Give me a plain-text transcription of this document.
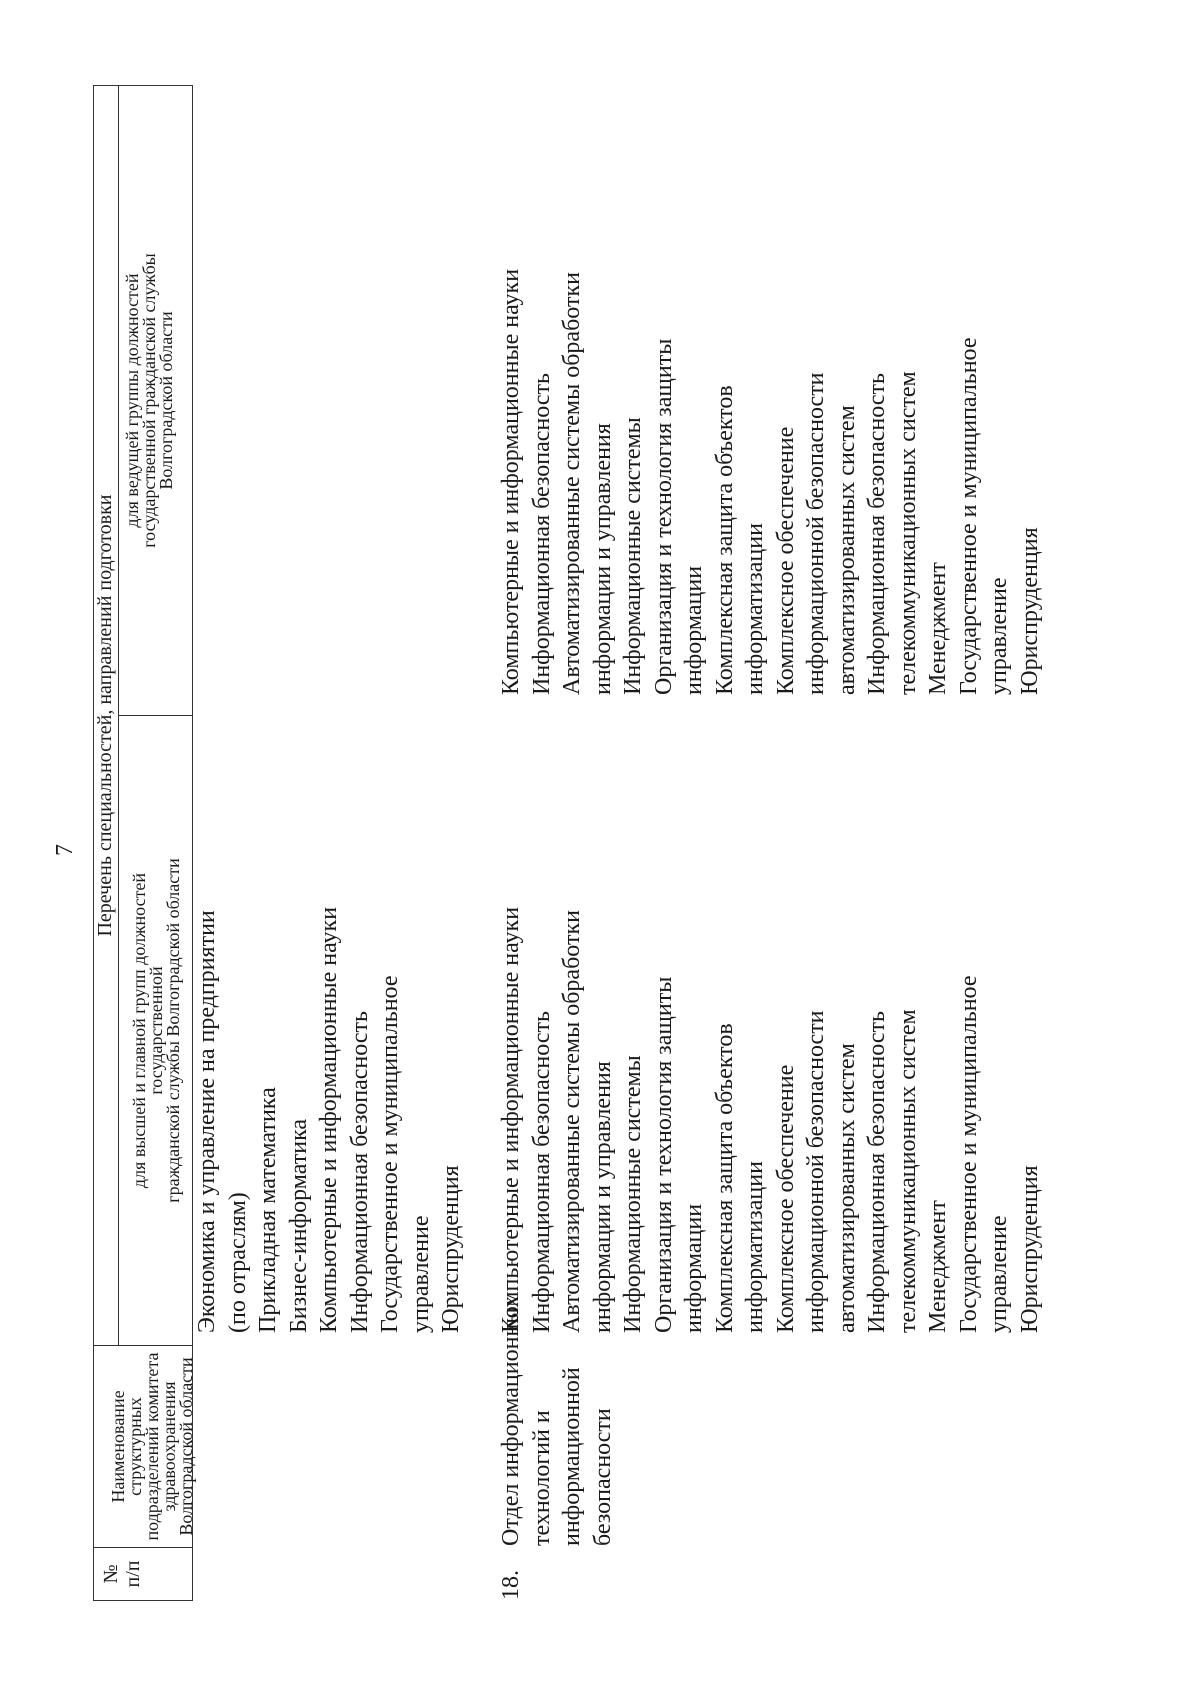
7
№ п/п
Наименование структурных
подразделений комитета
здравоохранения
Волгоградской области
Перечень специальностей, направлений подготовки
для высшей и главной групп должностей
государственной
гражданской службы Волгоградской области
для ведущей группы должностей
государственной гражданской службы
Волгоградской области
Экономика и управление на предприятии (по отраслям) Прикладная математика Бизнес-информатика Компьютерные и информационные науки Информационная безопасность Государственное и муниципальное управление Юриспруденция
18.
Отдел информационных технологий и информационной безопасности
Компьютерные и информационные науки Информационная безопасность Автоматизированные системы обработки информации и управления Информационные системы Организация и технология защиты информации Комплексная защита объектов информатизации Комплексное обеспечение информационной безопасности автоматизированных систем Информационная безопасность телекоммуникационных систем Менеджмент Государственное и муниципальное управление Юриспруденция
Компьютерные и информационные науки Информационная безопасность Автоматизированные системы обработки информации и управления Информационные системы Организация и технология защиты информации Комплексная защита объектов информатизации Комплексное обеспечение информационной безопасности автоматизированных систем Информационная безопасность телекоммуникационных систем Менеджмент Государственное и муниципальное управление Юриспруденция
